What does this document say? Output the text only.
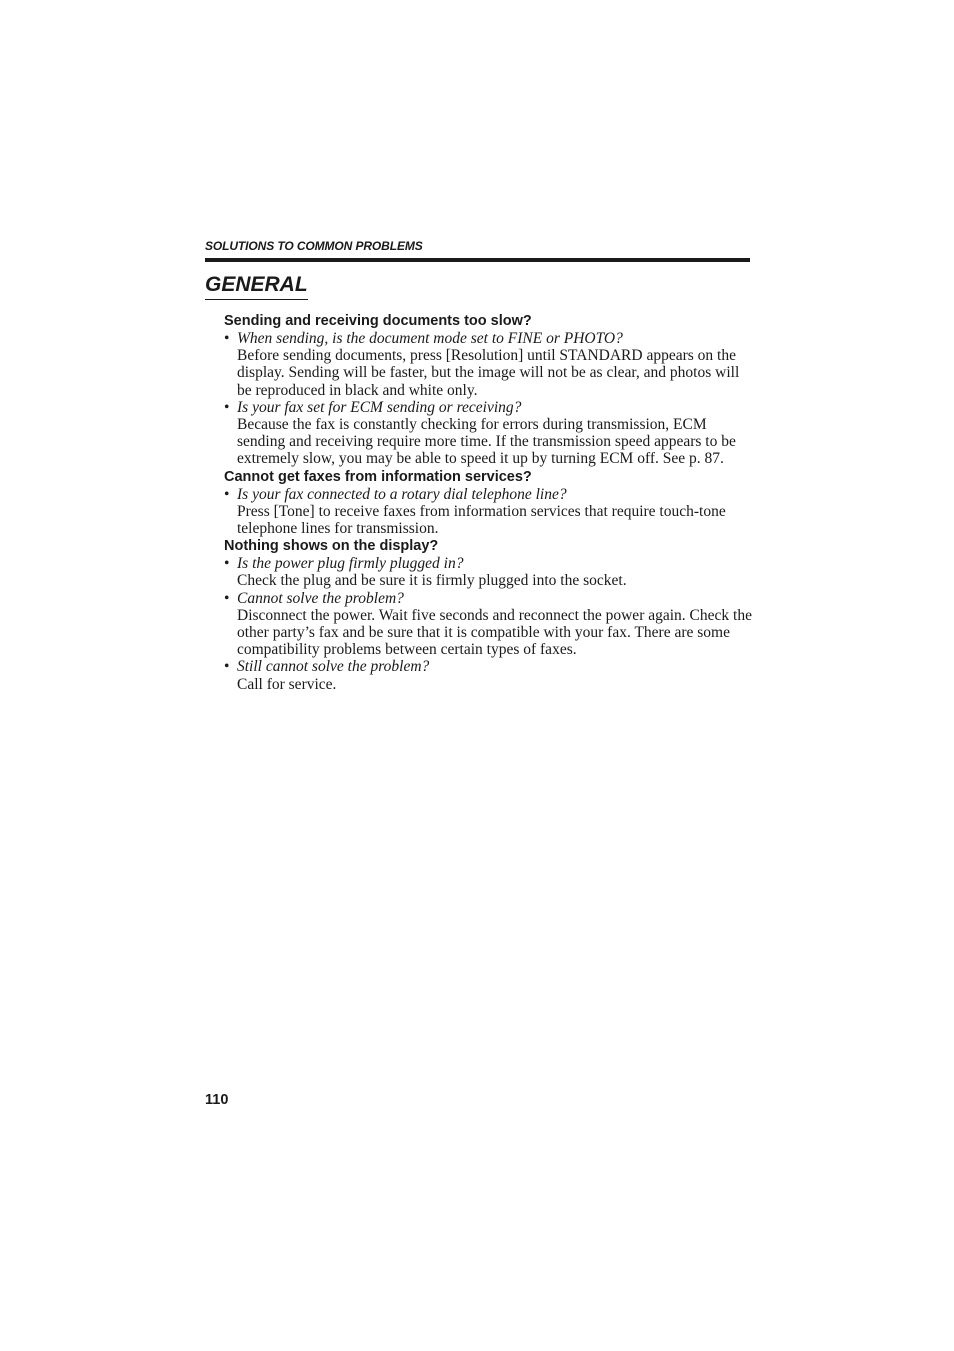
SOLUTIONS TO COMMON PROBLEMS
GENERAL

Sending and receiving documents too slow?

• When sending, is the document mode set to FINE or PHOTO?
Before sending documents, press [Resolution] until STANDARD appears on the display. Sending will be faster, but the image will not be as clear, and photos will be reproduced in black and white only.
• Is your fax set for ECM sending or receiving?
Because the fax is constantly checking for errors during transmission, ECM sending and receiving require more time. If the transmission speed appears to be extremely slow, you may be able to speed it up by turning ECM off. See p. 87.

Cannot get faxes from information services?

• Is your fax connected to a rotary dial telephone line?
Press [Tone] to receive faxes from information services that require touch-tone telephone lines for transmission.

Nothing shows on the display?

• Is the power plug firmly plugged in?
Check the plug and be sure it is firmly plugged into the socket.
• Cannot solve the problem?
Disconnect the power. Wait five seconds and reconnect the power again. Check the other party’s fax and be sure that it is compatible with your fax. There are some compatibility problems between certain types of faxes.
• Still cannot solve the problem?
Call for service.
110
